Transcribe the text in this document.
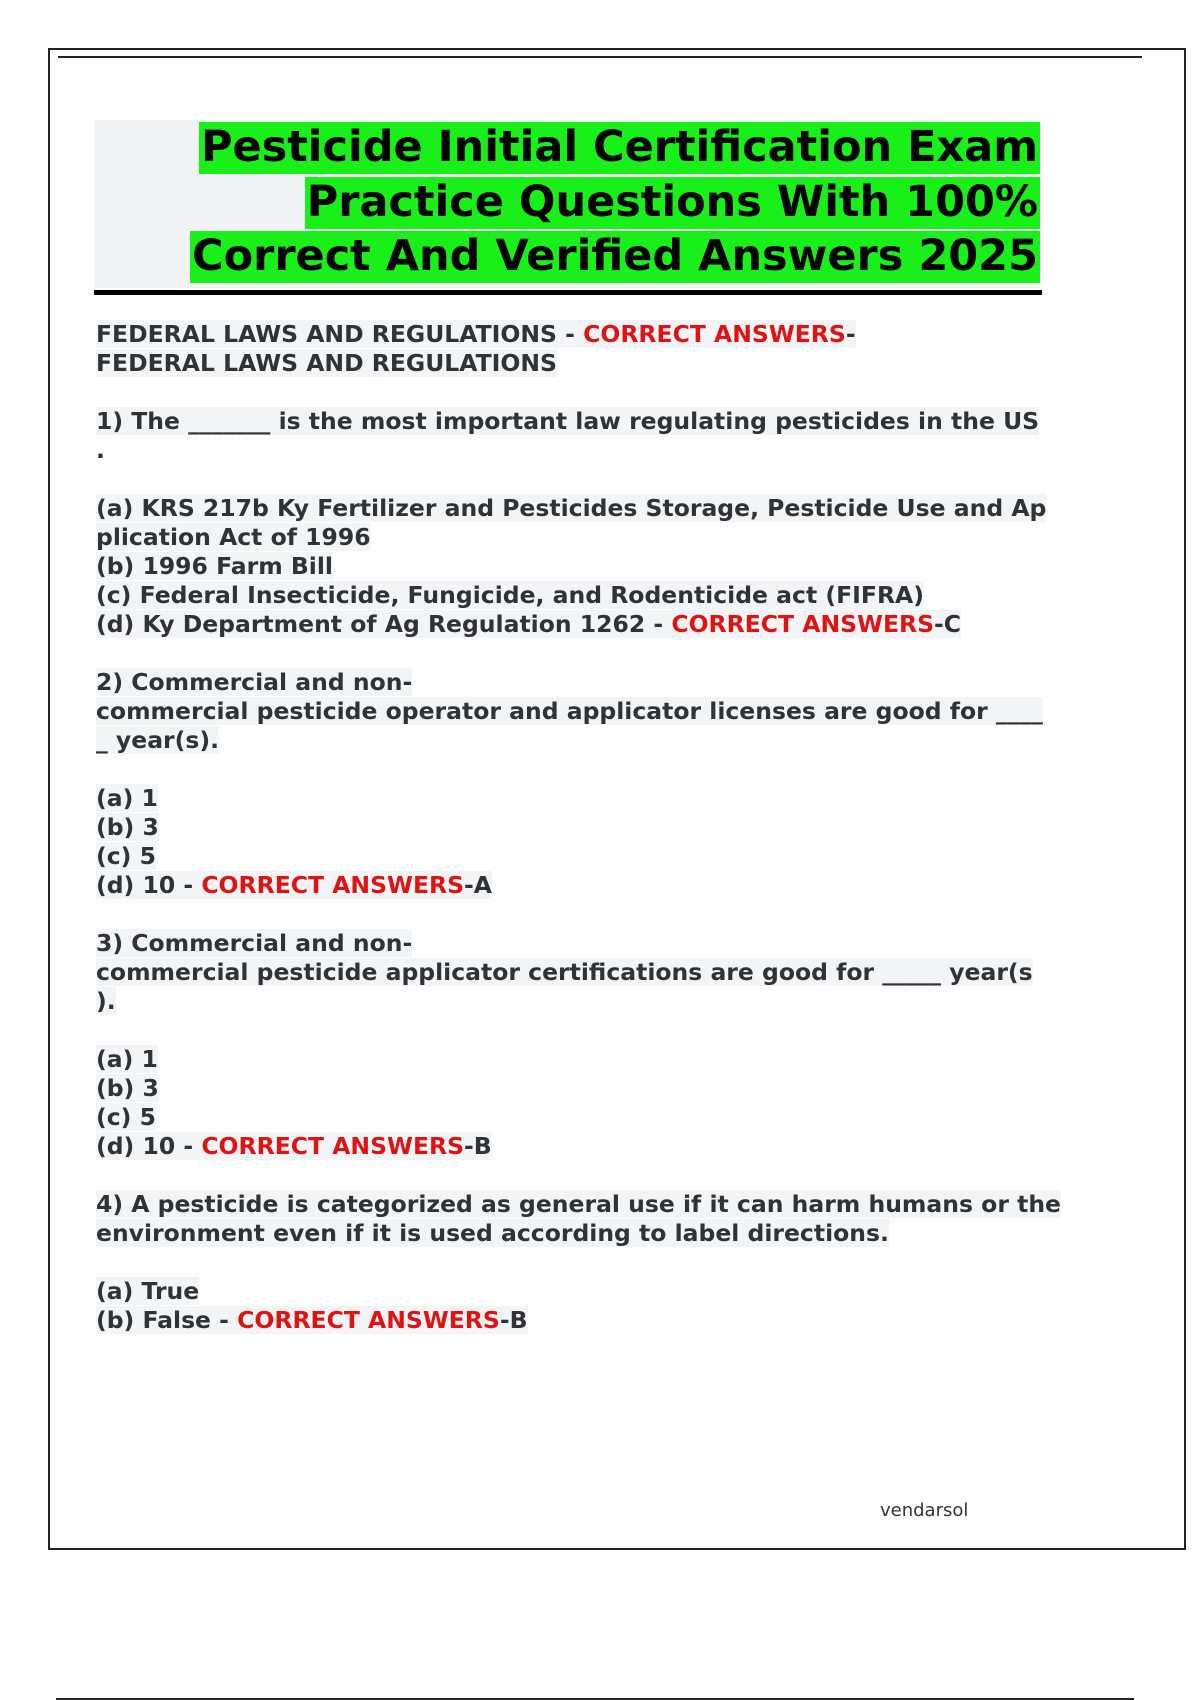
Pesticide Initial Certification Exam
Practice Questions With 100%
Correct And Verified Answers 2025
FEDERAL LAWS AND REGULATIONS - CORRECT ANSWERS-
FEDERAL LAWS AND REGULATIONS
1) The _______ is the most important law regulating pesticides in the US
.
(a) KRS 217b Ky Fertilizer and Pesticides Storage, Pesticide Use and Ap
plication Act of 1996
(b) 1996 Farm Bill
(c) Federal Insecticide, Fungicide, and Rodenticide act (FIFRA)
(d) Ky Department of Ag Regulation 1262 - CORRECT ANSWERS-C
2) Commercial and non-
commercial pesticide operator and applicator licenses are good for ____
_ year(s).
(a) 1
(b) 3
(c) 5
(d) 10 - CORRECT ANSWERS-A
3) Commercial and non-
commercial pesticide applicator certifications are good for _____ year(s
).
(a) 1
(b) 3
(c) 5
(d) 10 - CORRECT ANSWERS-B
4) A pesticide is categorized as general use if it can harm humans or the
environment even if it is used according to label directions.
(a) True
(b) False - CORRECT ANSWERS-B
vendarsol
